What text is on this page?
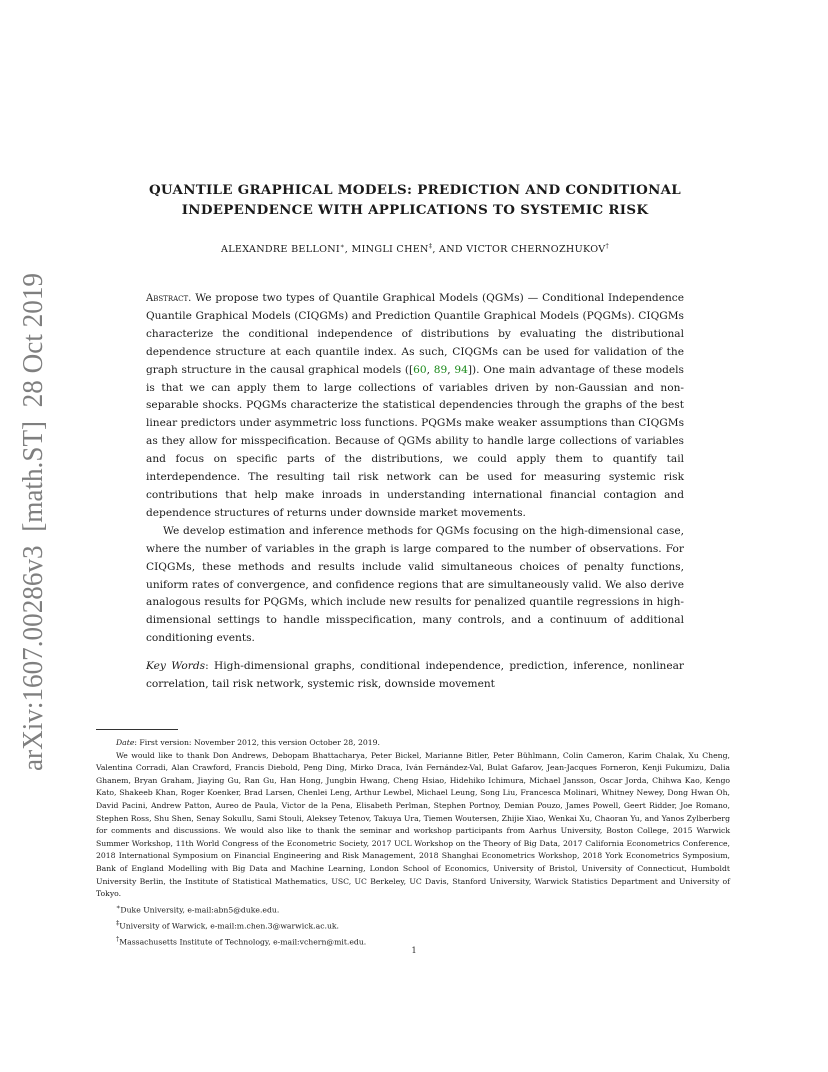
arXiv:1607.00286v3  [math.ST]  28 Oct 2019
QUANTILE GRAPHICAL MODELS: PREDICTION AND CONDITIONAL
INDEPENDENCE WITH APPLICATIONS TO SYSTEMIC RISK
ALEXANDRE BELLONI∗, MINGLI CHEN‡, AND VICTOR CHERNOZHUKOV†

Abstract. We propose two types of Quantile Graphical Models (QGMs) — Conditional Independence Quantile Graphical Models (CIQGMs) and Prediction Quantile Graphical Models (PQGMs). CIQGMs characterize the conditional independence of distributions by evaluating the distributional dependence structure at each quantile index. As such, CIQGMs can be used for validation of the graph structure in the causal graphical models ([60, 89, 94]). One main advantage of these models is that we can apply them to large collections of variables driven by non-Gaussian and non-separable shocks. PQGMs characterize the statistical dependencies through the graphs of the best linear predictors under asymmetric loss functions. PQGMs make weaker assumptions than CIQGMs as they allow for misspecification. Because of QGMs ability to handle large collections of variables and focus on specific parts of the distributions, we could apply them to quantify tail interdependence. The resulting tail risk network can be used for measuring systemic risk contributions that help make inroads in understanding international financial contagion and dependence structures of returns under downside market movements.

We develop estimation and inference methods for QGMs focusing on the high-dimensional case, where the number of variables in the graph is large compared to the number of observations. For CIQGMs, these methods and results include valid simultaneous choices of penalty functions, uniform rates of convergence, and confidence regions that are simultaneously valid. We also derive analogous results for PQGMs, which include new results for penalized quantile regressions in high-dimensional settings to handle misspecification, many controls, and a continuum of additional conditioning events.

Key Words: High-dimensional graphs, conditional independence, prediction, inference, nonlinear correlation, tail risk network, systemic risk, downside movement

Date: First version: November 2012, this version October 28, 2019.

We would like to thank Don Andrews, Debopam Bhattacharya, Peter Bickel, Marianne Bitler, Peter Bühlmann, Colin Cameron, Karim Chalak, Xu Cheng, Valentina Corradi, Alan Crawford, Francis Diebold, Peng Ding, Mirko Draca, Iván Fernández-Val, Bulat Gafarov, Jean-Jacques Forneron, Kenji Fukumizu, Dalia Ghanem, Bryan Graham, Jiaying Gu, Ran Gu, Han Hong, Jungbin Hwang, Cheng Hsiao, Hidehiko Ichimura, Michael Jansson, Oscar Jorda, Chihwa Kao, Kengo Kato, Shakeeb Khan, Roger Koenker, Brad Larsen, Chenlei Leng, Arthur Lewbel, Michael Leung, Song Liu, Francesca Molinari, Whitney Newey, Dong Hwan Oh, David Pacini, Andrew Patton, Aureo de Paula, Victor de la Pena, Elisabeth Perlman, Stephen Portnoy, Demian Pouzo, James Powell, Geert Ridder, Joe Romano, Stephen Ross, Shu Shen, Senay Sokullu, Sami Stouli, Aleksey Tetenov, Takuya Ura, Tiemen Woutersen, Zhijie Xiao, Wenkai Xu, Chaoran Yu, and Yanos Zylberberg for comments and discussions. We would also like to thank the seminar and workshop participants from Aarhus University, Boston College, 2015 Warwick Summer Workshop, 11th World Congress of the Econometric Society, 2017 UCL Workshop on the Theory of Big Data, 2017 California Econometrics Conference, 2018 International Symposium on Financial Engineering and Risk Management, 2018 Shanghai Econometrics Workshop, 2018 York Econometrics Symposium, Bank of England Modelling with Big Data and Machine Learning, London School of Economics, University of Bristol, University of Connecticut, Humboldt University Berlin, the Institute of Statistical Mathematics, USC, UC Berkeley, UC Davis, Stanford University, Warwick Statistics Department and University of Tokyo.

∗Duke University, e-mail:abn5@duke.edu.

‡University of Warwick, e-mail:m.chen.3@warwick.ac.uk.

†Massachusetts Institute of Technology, e-mail:vchern@mit.edu.

1
